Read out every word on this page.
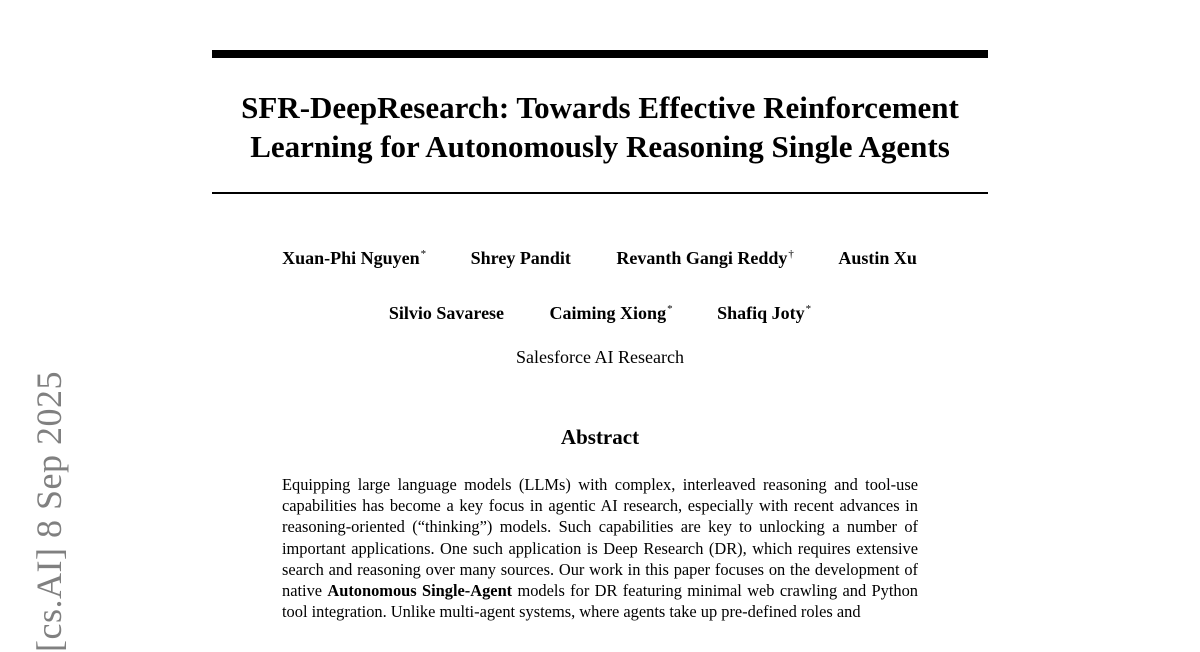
SFR-DeepResearch: Towards Effective Reinforcement
Learning for Autonomously Reasoning Single Agents
Xuan-Phi Nguyen* Shrey Pandit	Revanth Gangi Reddy† Austin Xu
Silvio Savarese	Caiming Xiong* Shafiq Joty*
Salesforce AI Research
Abstract
Equipping large language models (LLMs) with complex, interleaved reasoning and tool-use capabilities has become a key focus in agentic AI research, especially with recent advances in reasoning-oriented (“thinking”) models. Such capabilities are key to unlocking a number of important applications. One such application is Deep Research (DR), which requires extensive search and reasoning over many sources. Our work in this paper focuses on the development of native Autonomous Single-Agent models for DR featuring minimal web crawling and Python tool integration. Unlike multi-agent systems, where agents take up pre-defined roles and
[cs.AI] 8 Sep 2025
